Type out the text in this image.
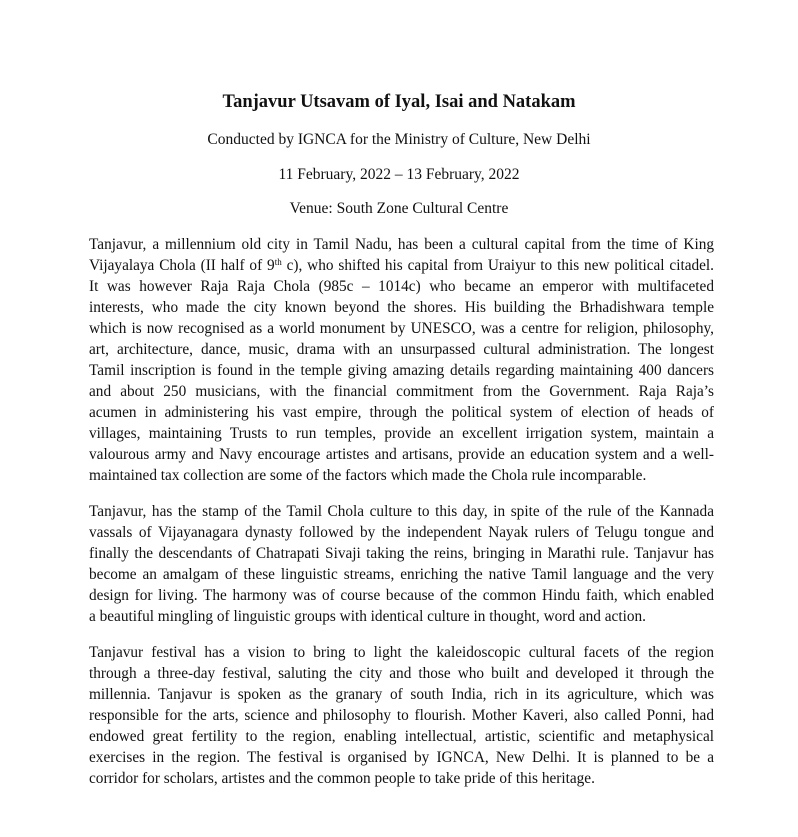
Tanjavur Utsavam of Iyal, Isai and Natakam
Conducted by IGNCA for the Ministry of Culture, New Delhi
11 February, 2022 – 13 February, 2022
Venue: South Zone Cultural Centre
Tanjavur, a millennium old city in Tamil Nadu, has been a cultural capital from the time of King
Vijayalaya Chola (II half of 9th c), who shifted his capital from Uraiyur to this new political citadel.
It was however Raja Raja Chola (985c – 1014c) who became an emperor with multifaceted
interests, who made the city known beyond the shores. His building the Brhadishwara temple
which is now recognised as a world monument by UNESCO, was a centre for religion, philosophy,
art, architecture, dance, music, drama with an unsurpassed cultural administration. The longest
Tamil inscription is found in the temple giving amazing details regarding maintaining 400 dancers
and about 250 musicians, with the financial commitment from the Government. Raja Raja’s
acumen in administering his vast empire, through the political system of election of heads of
villages, maintaining Trusts to run temples, provide an excellent irrigation system, maintain a
valourous army and Navy encourage artistes and artisans, provide an education system and a well-
maintained tax collection are some of the factors which made the Chola rule incomparable.
Tanjavur, has the stamp of the Tamil Chola culture to this day, in spite of the rule of the Kannada
vassals of Vijayanagara dynasty followed by the independent Nayak rulers of Telugu tongue and
finally the descendants of Chatrapati Sivaji taking the reins, bringing in Marathi rule. Tanjavur has
become an amalgam of these linguistic streams, enriching the native Tamil language and the very
design for living. The harmony was of course because of the common Hindu faith, which enabled
a beautiful mingling of linguistic groups with identical culture in thought, word and action.
Tanjavur festival has a vision to bring to light the kaleidoscopic cultural facets of the region
through a three-day festival, saluting the city and those who built and developed it through the
millennia. Tanjavur is spoken as the granary of south India, rich in its agriculture, which was
responsible for the arts, science and philosophy to flourish. Mother Kaveri, also called Ponni, had
endowed great fertility to the region, enabling intellectual, artistic, scientific and metaphysical
exercises in the region. The festival is organised by IGNCA, New Delhi. It is planned to be a
corridor for scholars, artistes and the common people to take pride of this heritage.
